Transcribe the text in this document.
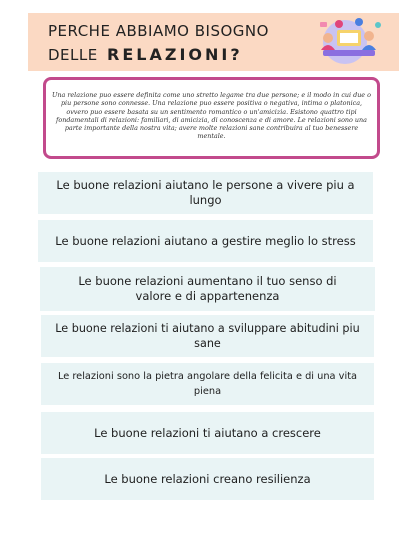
PERCHE ABBIAMO BISOGNO
DELLE RELAZIONI?
Una relazione puo essere definita come uno stretto legame tra due persone; e il modo in cui due o piu persone sono connesse. Una relazione puo essere positiva o negativa, intima o platonica, ovvero puo essere basata su un sentimento romantico o un'amicizia. Esistono quattro tipi fondamentali di relazioni: familiari, di amicizia, di conoscenza e di amore. Le relazioni sono una parte importante della nostra vita; avere molte relazioni sane contribuira al tuo benessere mentale.
Le buone relazioni aiutano le persone a vivere piu a lungo
Le buone relazioni aiutano a gestire meglio lo stress
Le buone relazioni aumentano il tuo senso di valore e di appartenenza
Le buone relazioni ti aiutano a sviluppare abitudini piu sane
Le relazioni sono la pietra angolare della felicita e di una vita piena
Le buone relazioni ti aiutano a crescere
Le buone relazioni creano resilienza
